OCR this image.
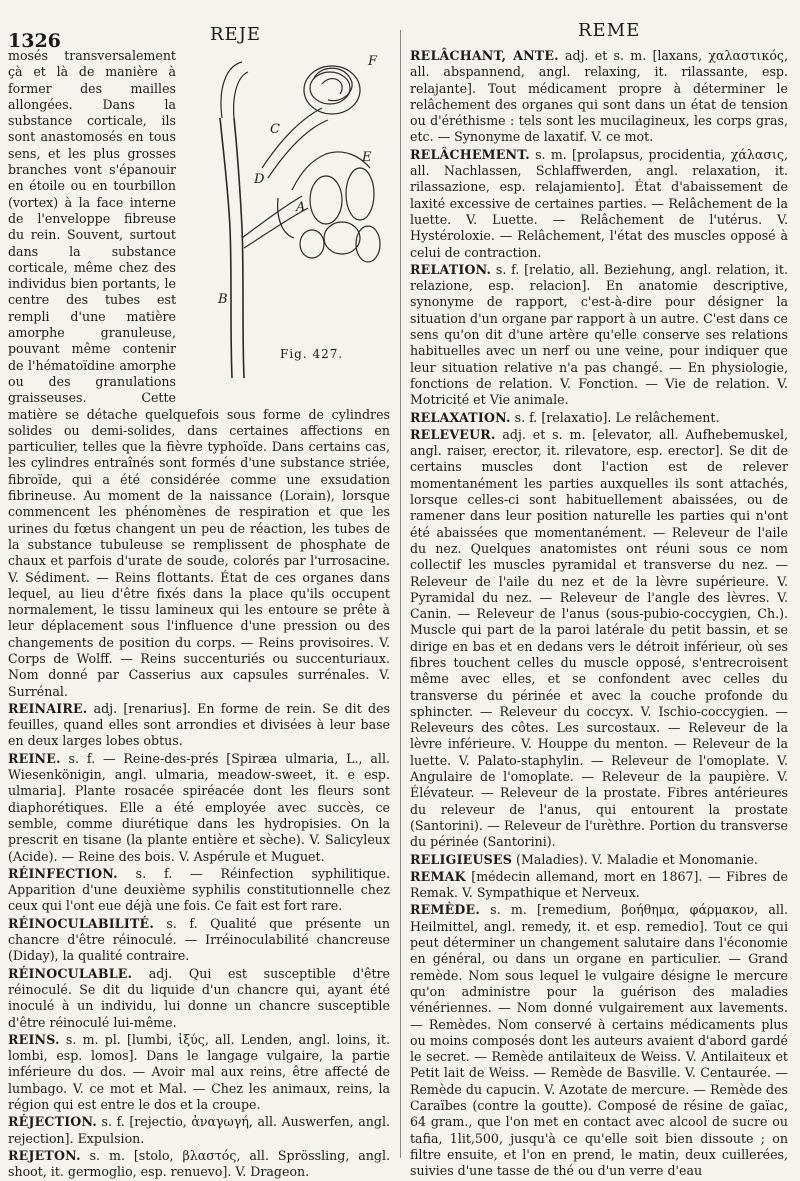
1326	REJE	REME
A
B
C
D
E
F
Fig. 427.

mosés transversalement çà et là de manière à former des mailles allongées. Dans la substance corticale, ils sont anastomosés en tous sens, et les plus grosses branches vont s'épanouir en étoile ou en tourbillon (vortex) à la face interne de l'enveloppe fibreuse du rein. Souvent, surtout dans la substance corticale, même chez des individus bien portants, le centre des tubes est rempli d'une matière amorphe granuleuse, pouvant même contenir de l'hématoïdine amorphe ou des granulations graisseuses. Cette matière se détache quelquefois sous forme de cylindres solides ou demi-solides, dans certaines affections en particulier, telles que la fièvre typhoïde. Dans certains cas, les cylindres entraînés sont formés d'une substance striée, fibroïde, qui a été considérée comme une exsudation fibrineuse. Au moment de la naissance (Lorain), lorsque commencent les phénomènes de respiration et que les urines du fœtus changent un peu de réaction, les tubes de la substance tubuleuse se remplissent de phosphate de chaux et parfois d'urate de soude, colorés par l'urrosacine. V. Sédiment. — Reins flottants. État de ces organes dans lequel, au lieu d'être fixés dans la place qu'ils occupent normalement, le tissu lamineux qui les entoure se prête à leur déplacement sous l'influence d'une pression ou des changements de position du corps. — Reins provisoires. V. Corps de Wolff. — Reins succenturiés ou succenturiaux. Nom donné par Casserius aux capsules surrénales. V. Surrénal.

REINAIRE. adj. [renarius]. En forme de rein. Se dit des feuilles, quand elles sont arrondies et divisées à leur base en deux larges lobes obtus.

REINE. s. f. — Reine-des-prés [Spiræa ulmaria, L., all. Wiesenkönigin, angl. ulmaria, meadow-sweet, it. e esp. ulmaria]. Plante rosacée spiréacée dont les fleurs sont diaphorétiques. Elle a été employée avec succès, ce semble, comme diurétique dans les hydropisies. On la prescrit en tisane (la plante entière et sèche). V. Salicyleux (Acide). — Reine des bois. V. Aspérule et Muguet.

RÉINFECTION. s. f. — Réinfection syphilitique. Apparition d'une deuxième syphilis constitutionnelle chez ceux qui l'ont eue déjà une fois. Ce fait est fort rare.

RÉINOCULABILITÉ. s. f. Qualité que présente un chancre d'être réinoculé. — Irréinoculabilité chancreuse (Diday), la qualité contraire.

RÉINOCULABLE. adj. Qui est susceptible d'être réinoculé. Se dit du liquide d'un chancre qui, ayant été inoculé à un individu, lui donne un chancre susceptible d'être réinoculé lui-même.

REINS. s. m. pl. [lumbi, ἰξύς, all. Lenden, angl. loins, it. lombi, esp. lomos]. Dans le langage vulgaire, la partie inférieure du dos. — Avoir mal aux reins, être affecté de lumbago. V. ce mot et Mal. — Chez les animaux, reins, la région qui est entre le dos et la croupe.

RÉJECTION. s. f. [rejectio, ἀναγωγή, all. Auswerfen, angl. rejection]. Expulsion.

REJETON. s. m. [stolo, βλαστός, all. Sprössling, angl. shoot, it. germoglio, esp. renuevo]. V. Drageon.

RELÂCHANT, ANTE. adj. et s. m. [laxans, χαλαστικός, all. abspannend, angl. relaxing, it. rilassante, esp. relajante]. Tout médicament propre à déterminer le relâchement des organes qui sont dans un état de tension ou d'éréthisme : tels sont les mucilagineux, les corps gras, etc. — Synonyme de laxatif. V. ce mot.

RELÂCHEMENT. s. m. [prolapsus, procidentia, χάλασις, all. Nachlassen, Schlaffwerden, angl. relaxation, it. rilassazione, esp. relajamiento]. État d'abaissement de laxité excessive de certaines parties. — Relâchement de la luette. V. Luette. — Relâchement de l'utérus. V. Hystéroloxie. — Relâchement, l'état des muscles opposé à celui de contraction.

RELATION. s. f. [relatio, all. Beziehung, angl. relation, it. relazione, esp. relacion]. En anatomie descriptive, synonyme de rapport, c'est-à-dire pour désigner la situation d'un organe par rapport à un autre. C'est dans ce sens qu'on dit d'une artère qu'elle conserve ses relations habituelles avec un nerf ou une veine, pour indiquer que leur situation relative n'a pas changé. — En physiologie, fonctions de relation. V. Fonction. — Vie de relation. V. Motricité et Vie animale.

RELAXATION. s. f. [relaxatio]. Le relâchement.

RELEVEUR. adj. et s. m. [elevator, all. Aufhebemuskel, angl. raiser, erector, it. rilevatore, esp. erector]. Se dit de certains muscles dont l'action est de relever momentanément les parties auxquelles ils sont attachés, lorsque celles-ci sont habituellement abaissées, ou de ramener dans leur position naturelle les parties qui n'ont été abaissées que momentanément. — Releveur de l'aile du nez. Quelques anatomistes ont réuni sous ce nom collectif les muscles pyramidal et transverse du nez. — Releveur de l'aile du nez et de la lèvre supérieure. V. Pyramidal du nez. — Releveur de l'angle des lèvres. V. Canin. — Releveur de l'anus (sous-pubio-coccygien, Ch.). Muscle qui part de la paroi latérale du petit bassin, et se dirige en bas et en dedans vers le détroit inférieur, où ses fibres touchent celles du muscle opposé, s'entrecroisent même avec elles, et se confondent avec celles du transverse du périnée et avec la couche profonde du sphincter. — Releveur du coccyx. V. Ischio-coccygien. — Releveurs des côtes. Les surcostaux. — Releveur de la lèvre inférieure. V. Houppe du menton. — Releveur de la luette. V. Palato-staphylin. — Releveur de l'omoplate. V. Angulaire de l'omoplate. — Releveur de la paupière. V. Élévateur. — Releveur de la prostate. Fibres antérieures du releveur de l'anus, qui entourent la prostate (Santorini). — Releveur de l'urèthre. Portion du transverse du périnée (Santorini).

RELIGIEUSES (Maladies). V. Maladie et Monomanie.

REMAK [médecin allemand, mort en 1867]. — Fibres de Remak. V. Sympathique et Nerveux.

REMÈDE. s. m. [remedium, βοήθημα, φάρμακον, all. Heilmittel, angl. remedy, it. et esp. remedio]. Tout ce qui peut déterminer un changement salutaire dans l'économie en général, ou dans un organe en particulier. — Grand remède. Nom sous lequel le vulgaire désigne le mercure qu'on administre pour la guérison des maladies vénériennes. — Nom donné vulgairement aux lavements. — Remèdes. Nom conservé à certains médicaments plus ou moins composés dont les auteurs avaient d'abord gardé le secret. — Remède antilaiteux de Weiss. V. Antilaiteux et Petit lait de Weiss. — Remède de Basville. V. Centaurée. — Remède du capucin. V. Azotate de mercure. — Remède des Caraïbes (contre la goutte). Composé de résine de gaïac, 64 gram., que l'on met en contact avec alcool de sucre ou tafia, 1lit,500, jusqu'à ce qu'elle soit bien dissoute ; on filtre ensuite, et l'on en prend, le matin, deux cuillerées, suivies d'une tasse de thé ou d'un verre d'eau
